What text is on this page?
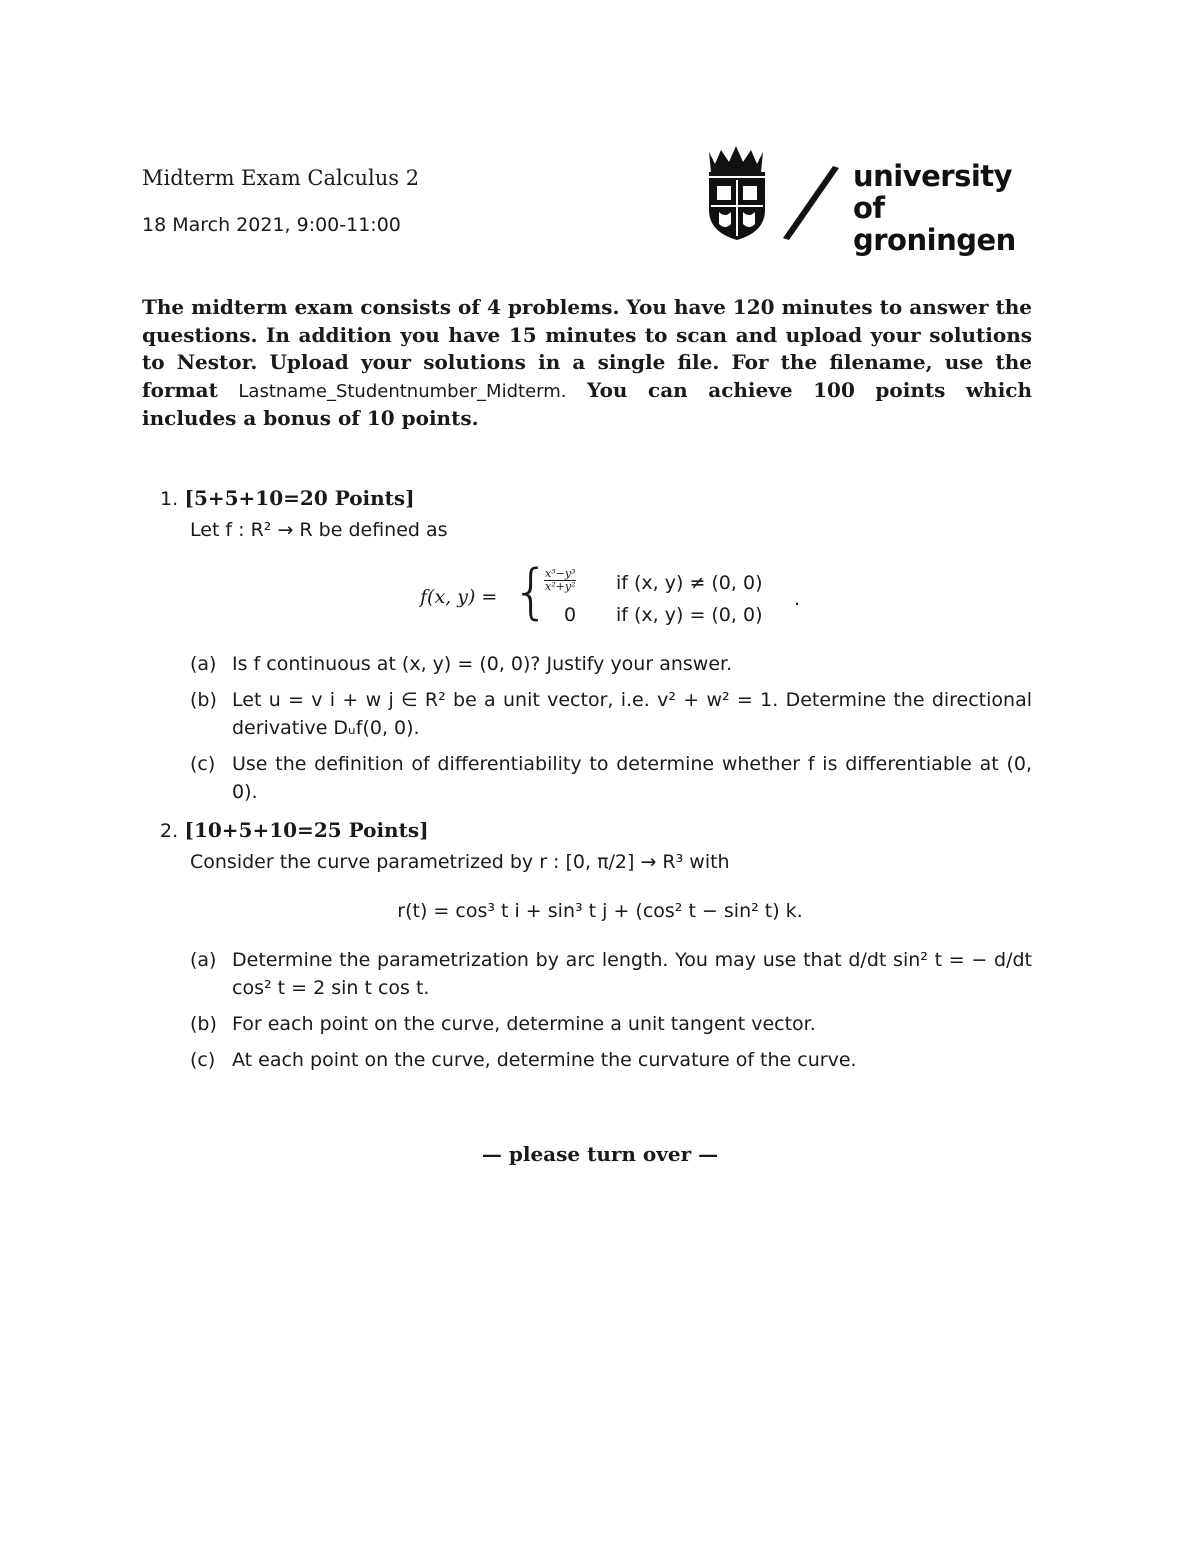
Midterm Exam Calculus 2
18 March 2021, 9:00-11:00
university of
groningen
The midterm exam consists of 4 problems. You have 120 minutes to answer the questions. In addition you have 15 minutes to scan and upload your solutions to Nestor. Upload your solutions in a single file. For the filename, use the format Lastname_Studentnumber_Midterm. You can achieve 100 points which includes a bonus of 10 points.
1. [5+5+10=20 Points]
Let f : R² → R be defined as
f(x, y) = {
$\frac{\text{x³−y³}}{\text{x²+y²}}$ if (x, y) ≠ (0, 0)
0 if (x, y) = (0, 0)
.
(a) Is f continuous at (x, y) = (0, 0)? Justify your answer.
(b) Let u = v i + w j ∈ R² be a unit vector, i.e. v² + w² = 1. Determine the directional derivative Dᵤf(0, 0).
(c) Use the definition of differentiability to determine whether f is differentiable at (0, 0).
2. [10+5+10=25 Points]
Consider the curve parametrized by r : [0, π/2] → R³ with
r(t) = cos³ t i + sin³ t j + (cos² t − sin² t) k.
(a) Determine the parametrization by arc length. You may use that d/dt sin² t = − d/dt cos² t = 2 sin t cos t.
(b) For each point on the curve, determine a unit tangent vector.
(c) At each point on the curve, determine the curvature of the curve.
— please turn over —
